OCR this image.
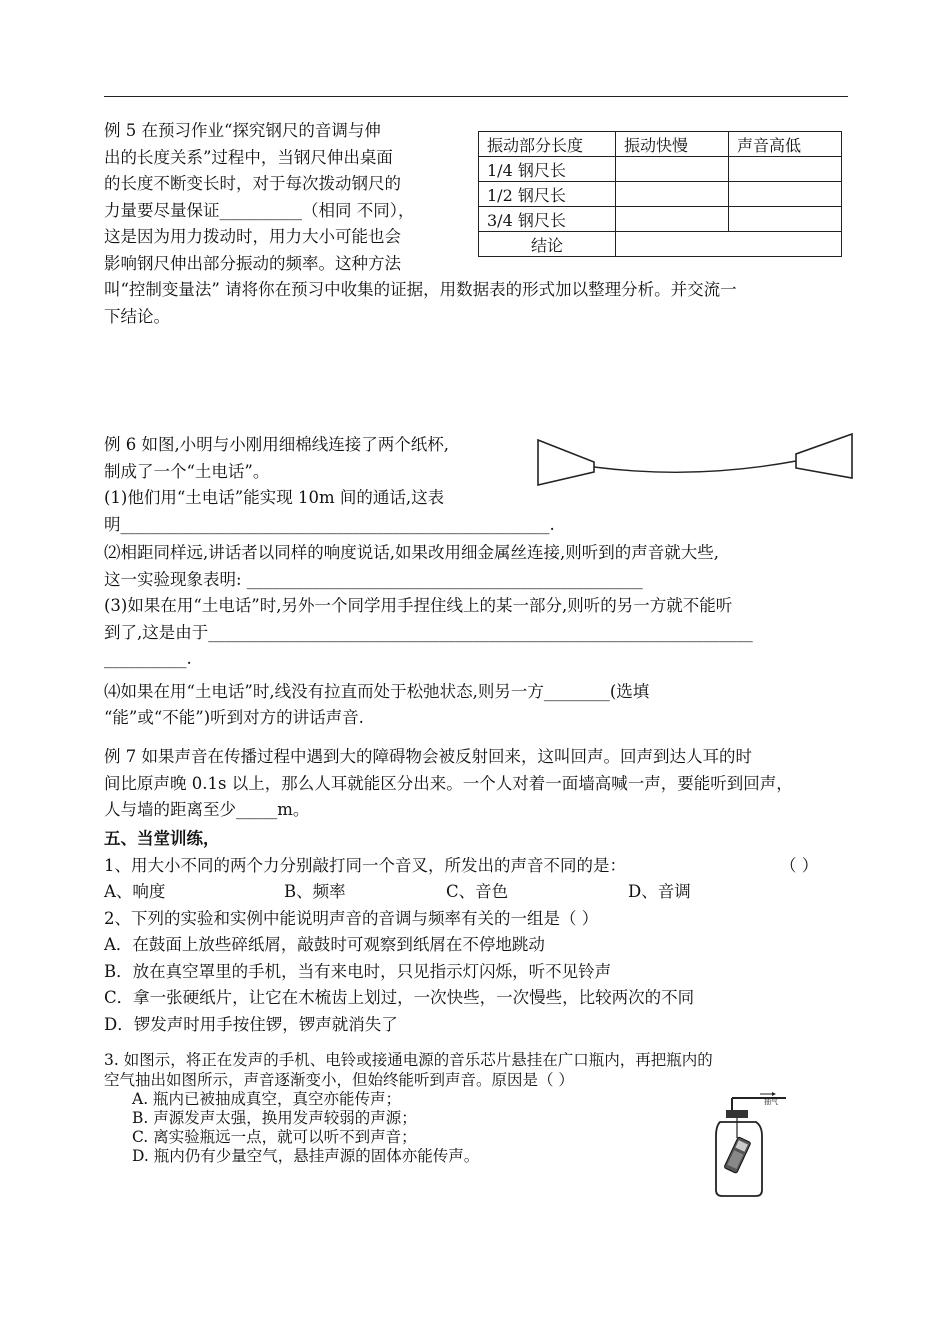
例 5 在预习作业“探究钢尺的音调与伸
出的长度关系”过程中，当钢尺伸出桌面
的长度不断变长时，对于每次拨动钢尺的
力量要尽量保证__________（相同 不同），
这是因为用力拨动时，用力大小可能也会
影响钢尺伸出部分振动的频率。这种方法
叫“控制变量法” 请将你在预习中收集的证据，用数据表的形式加以整理分析。并交流一
下结论。
振动部分长度	振动快慢	声音高低
1/4 钢尺长		
1/2 钢尺长		
3/4 钢尺长		
结论		
例 6 如图,小明与小刚用细棉线连接了两个纸杯,
制成了一个“土电话”。
(1)他们用“土电话”能实现 10m 间的通话,这表
明____________________________________________________.
⑵相距同样远,讲话者以同样的响度说话,如果改用细金属丝连接,则听到的声音就大些,
这一实验现象表明: ________________________________________________
(3)如果在用“土电话”时,另外一个同学用手捏住线上的某一部分,则听的另一方就不能听
到了,这是由于__________________________________________________________________
__________.
⑷如果在用“土电话”时,线没有拉直而处于松弛状态,则另一方________(选填
“能”或“不能”)听到对方的讲话声音.
例 7 如果声音在传播过程中遇到大的障碍物会被反射回来，这叫回声。回声到达人耳的时
间比原声晚 0.1s 以上，那么人耳就能区分出来。一个人对着一面墙高喊一声，要能听到回声，
人与墙的距离至少_____m。
五、当堂训练，
1、用大小不同的两个力分别敲打同一个音叉，所发出的声音不同的是：	（ ）
A、响度	B、频率	C、音色	D、音调
2、下列的实验和实例中能说明声音的音调与频率有关的一组是（ ）
A．在鼓面上放些碎纸屑，敲鼓时可观察到纸屑在不停地跳动
B．放在真空罩里的手机，当有来电时，只见指示灯闪烁，听不见铃声
C．拿一张硬纸片，让它在木梳齿上划过，一次快些，一次慢些，比较两次的不同
D．锣发声时用手按住锣，锣声就消失了
3. 如图示，将正在发声的手机、电铃或接通电源的音乐芯片悬挂在广口瓶内，再把瓶内的
空气抽出如图所示，声音逐渐变小，但始终能听到声音。原因是（ ）
A. 瓶内已被抽成真空，真空亦能传声；
B. 声源发声太强，换用发声较弱的声源；
C. 离实验瓶远一点，就可以听不到声音；
D. 瓶内仍有少量空气，悬挂声源的固体亦能传声。
抽气
